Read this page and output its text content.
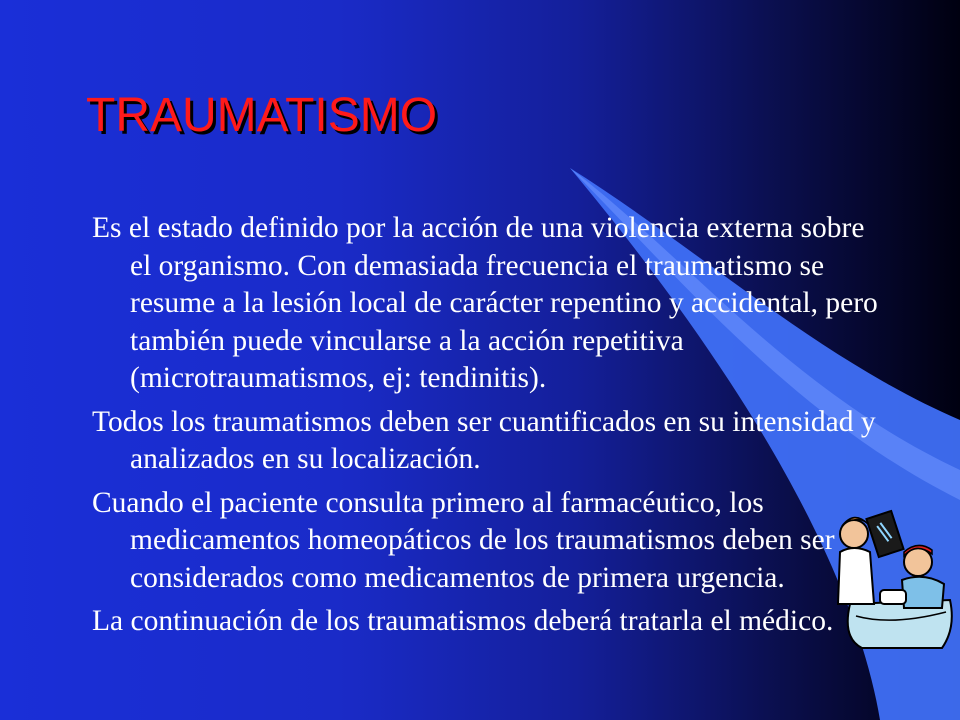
TRAUMATISMO

Es el estado definido por la acción de una violencia externa sobre el organismo. Con demasiada frecuencia el traumatismo se resume a la lesión local de carácter repentino y accidental, pero también puede vincularse a la acción repetitiva (microtraumatismos, ej: tendinitis).

Todos los traumatismos deben ser cuantificados en su intensidad y analizados en su localización.

Cuando el paciente consulta primero al farmacéutico, los medicamentos homeopáticos de los traumatismos deben ser considerados como medicamentos de primera urgencia.

La continuación de los traumatismos deberá tratarla el médico.
